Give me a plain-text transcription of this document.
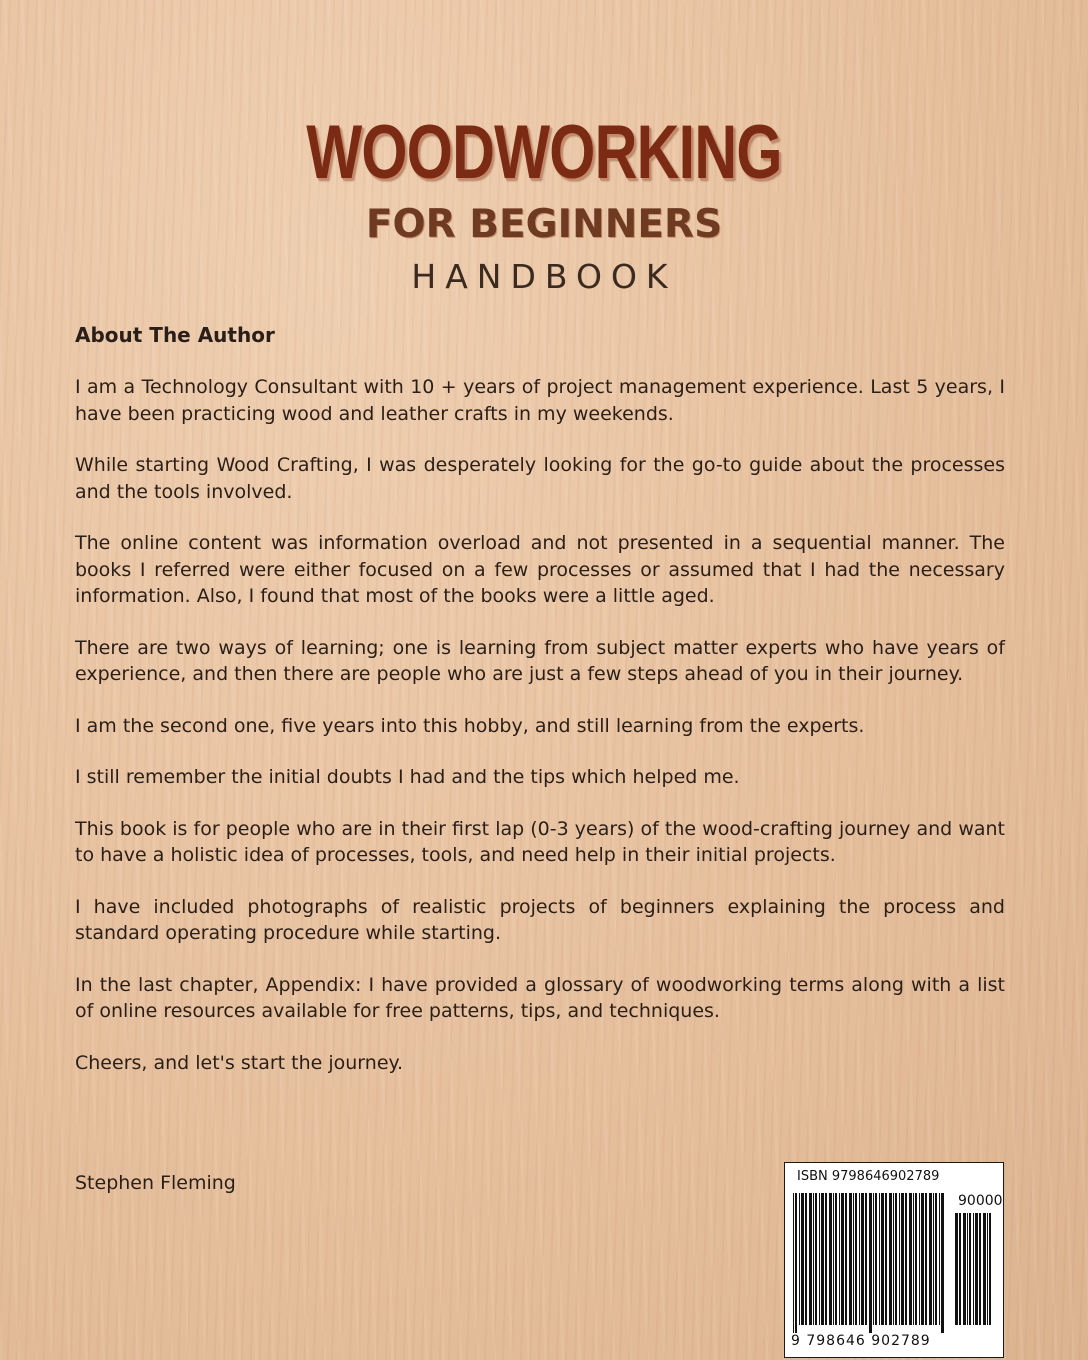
WOODWORKING
FOR BEGINNERS
HANDBOOK
About The Author

I am a Technology Consultant with 10 + years of project management experience. Last 5 years, I have been practicing wood and leather crafts in my weekends.

While starting Wood Crafting, I was desperately looking for the go-to guide about the processes and the tools involved.

The online content was information overload and not presented in a sequential manner. The books I referred were either focused on a few processes or assumed that I had the necessary information. Also, I found that most of the books were a little aged.

There are two ways of learning; one is learning from subject matter experts who have years of experience, and then there are people who are just a few steps ahead of you in their journey.

I am the second one, five years into this hobby, and still learning from the experts.

I still remember the initial doubts I had and the tips which helped me.

This book is for people who are in their first lap (0-3 years) of the wood-crafting journey and want to have a holistic idea of processes, tools, and need help in their initial projects.

I have included photographs of realistic projects of beginners explaining the process and standard operating procedure while starting.

In the last chapter, Appendix: I have provided a glossary of woodworking terms along with a list of online resources available for free patterns, tips, and techniques.

Cheers, and let's start the journey.

Stephen Fleming	ISBN 9798646902789
90000
9 798646 902789
